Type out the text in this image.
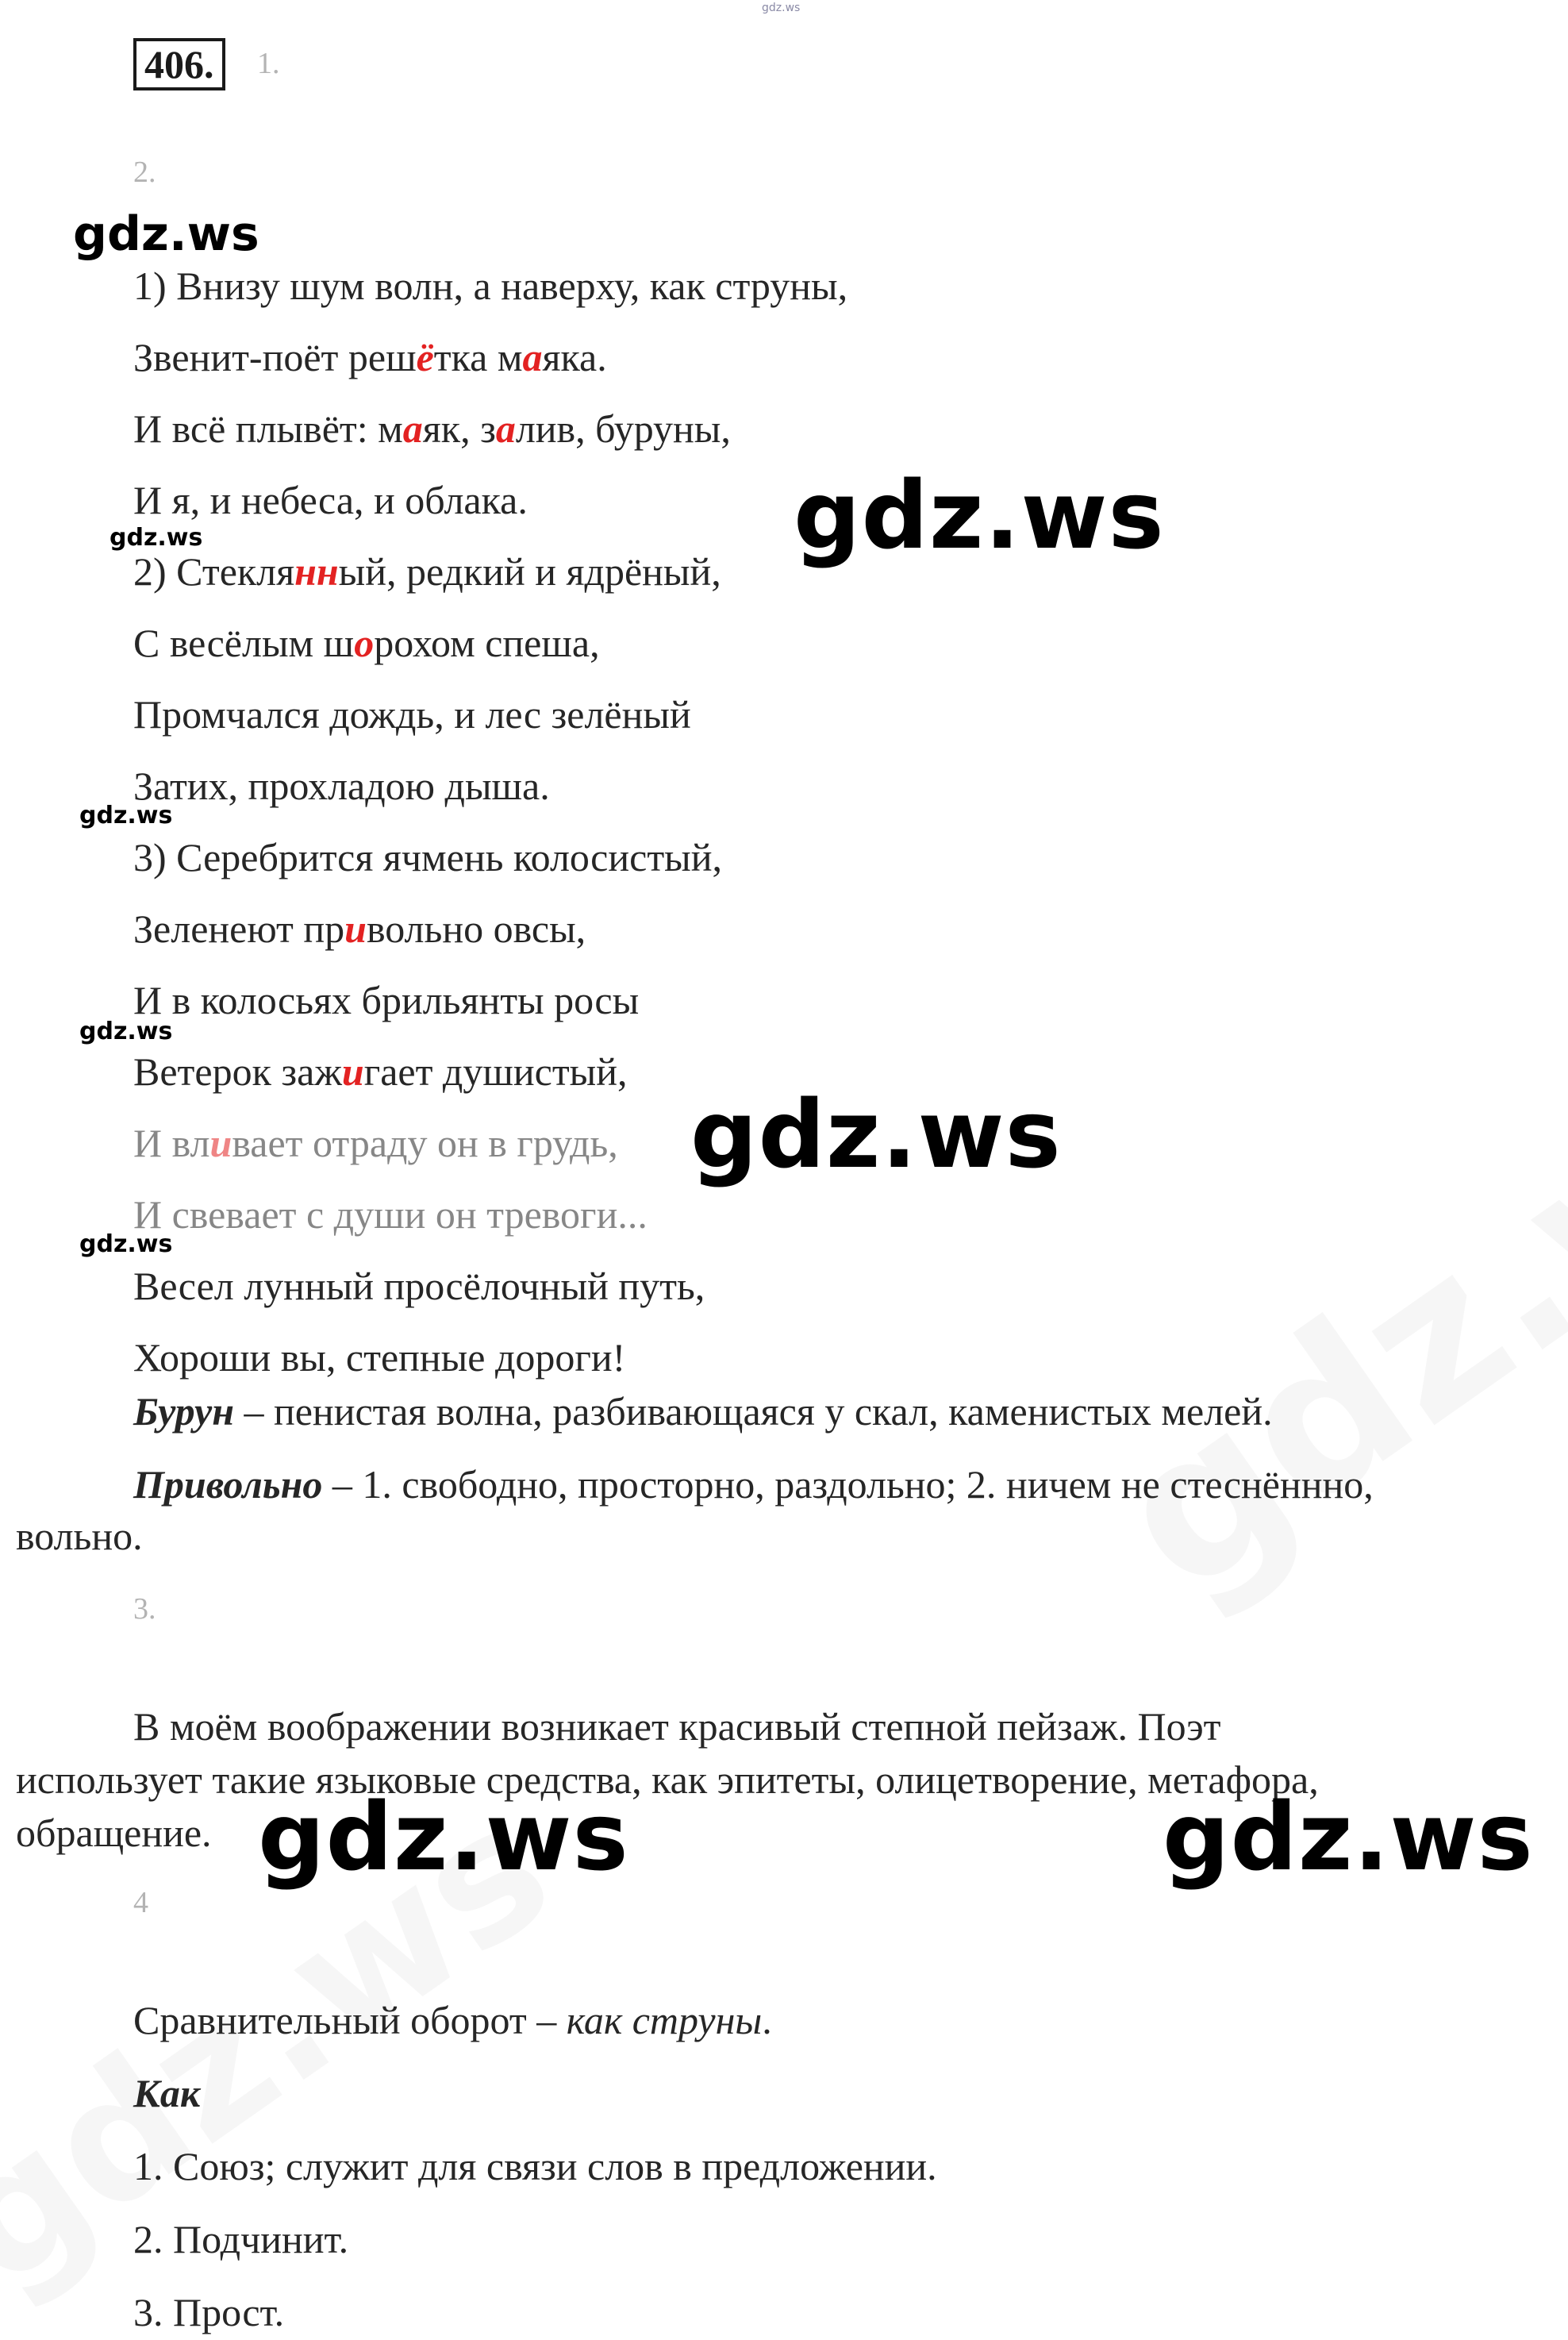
gdz.ws
406.	1.
2.
1) Внизу шум волн, а наверху, как струны,
Звенит-поёт решётка маяка.
И всё плывёт: маяк, залив, буруны,
И я, и небеса, и облака.
2) Стеклянный, редкий и ядрёный,
С весёлым шорохом спеша,
Промчался дождь, и лес зелёный
Затих, прохладою дыша.
3) Серебрится ячмень колосистый,
Зеленеют привольно овсы,
И в колосьях брильянты росы
Ветерок зажигает душистый,
И вливает отраду он в грудь,
И свевает с души он тревоги...
Весел лунный просёлочный путь,
Хороши вы, степные дороги!
Бурун – пенистая волна, разбивающаяся у скал, каменистых мелей.
Привольно – 1. свободно, просторно, раздольно; 2. ничем не стеснённно,
вольно.
3.
В моём воображении возникает красивый степной пейзаж. Поэт
использует такие языковые средства, как эпитеты, олицетворение, метафора,
обращение.
4
Сравнительный оборот – как струны.
Как
1. Союз; служит для связи слов в предложении.
2. Подчинит.
3. Прост.
gdz.ws
gdz.ws
gdz.ws
gdz.ws
gdz.ws
gdz.ws
gdz.ws
gdz.ws	gdz.ws
